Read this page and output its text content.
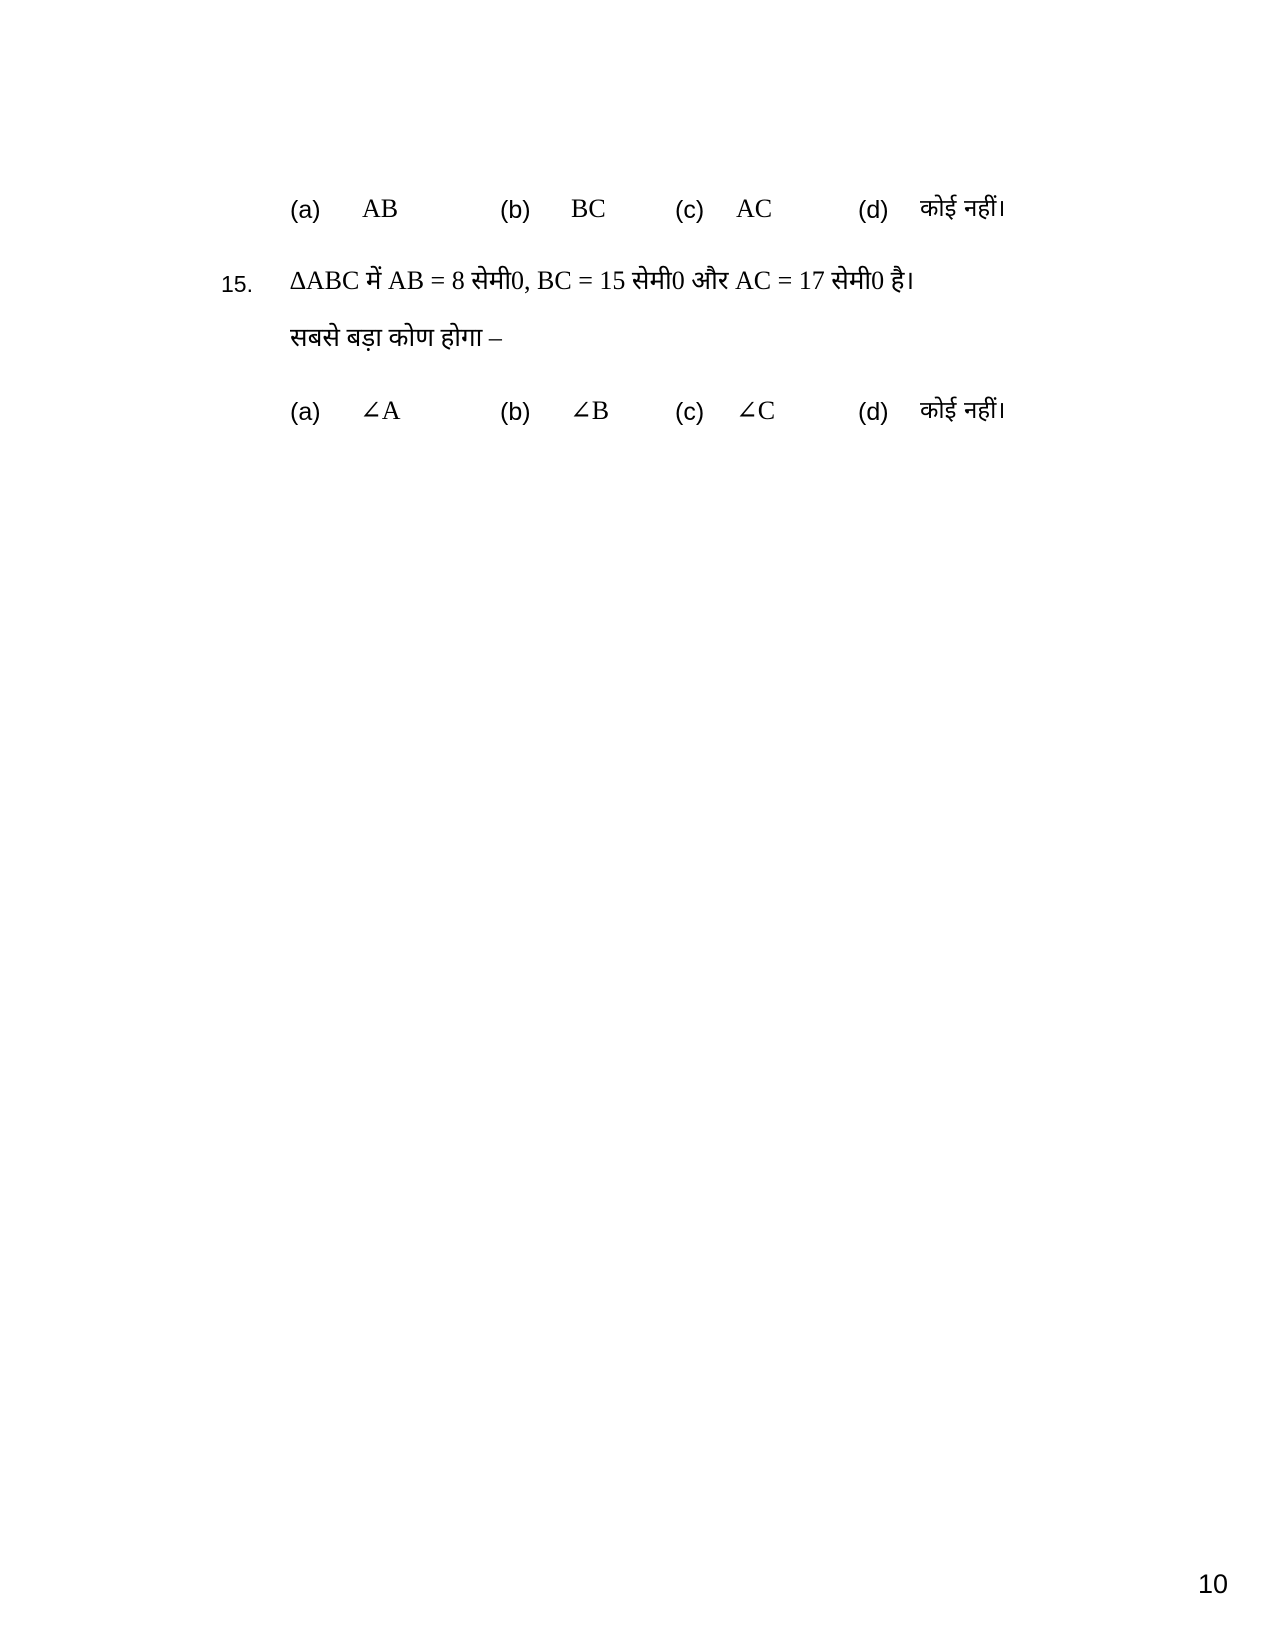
(a) AB	(b) BC	(c) AC	(d) कोई नहीं।
15. ∆ABC में AB = 8 सेमी0, BC = 15 सेमी0 और AC = 17 सेमी0 है।
सबसे बड़ा कोण होगा –
(a) ∠A	(b) ∠B	(c) ∠C	(d) कोई नहीं।
10
